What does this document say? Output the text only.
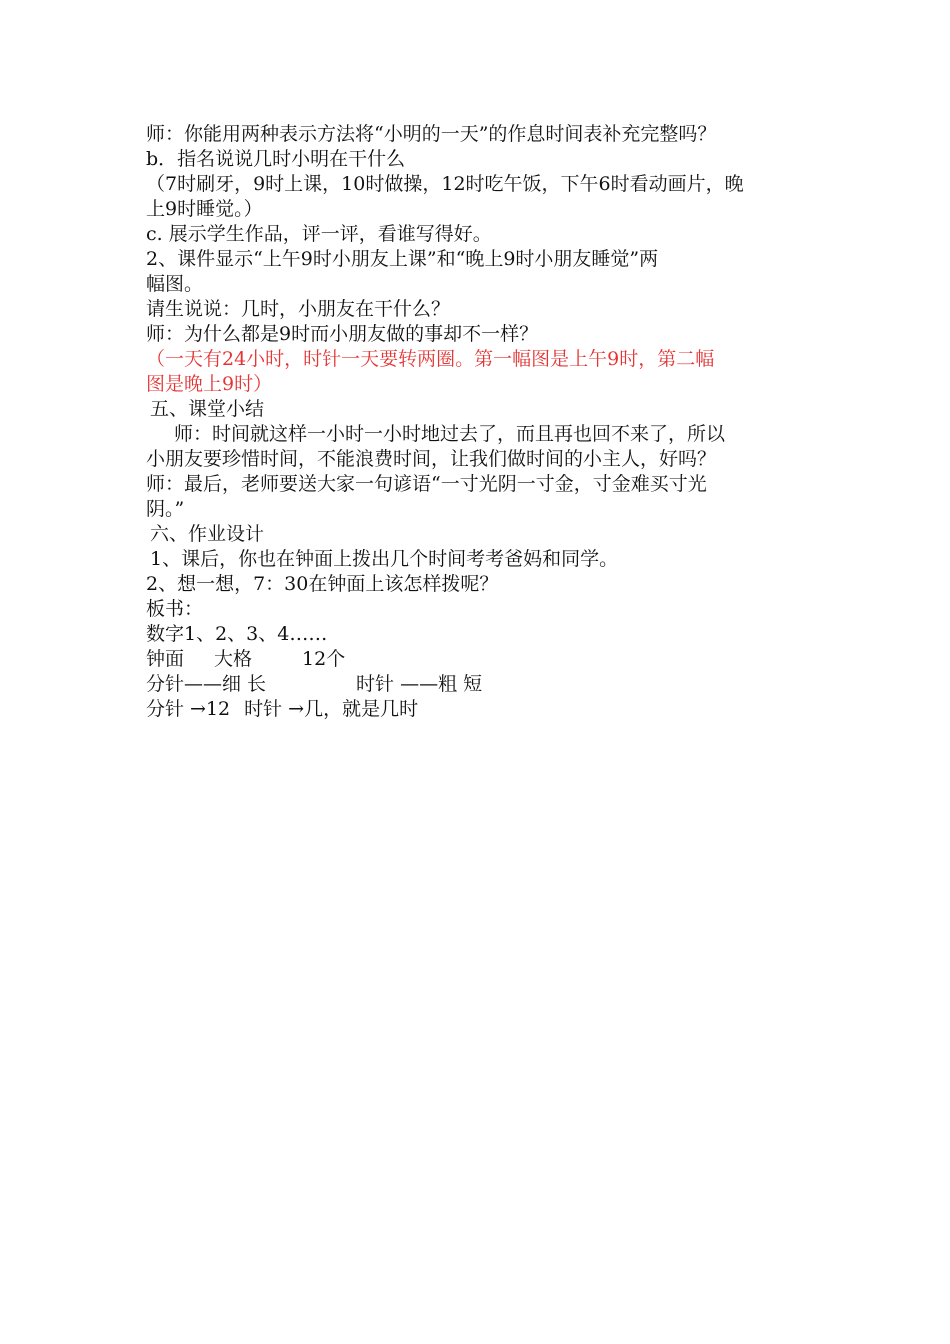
师：你能用两种表示方法将“小明的一天”的作息时间表补充完整吗？
b．指名说说几时小明在干什么
（7时刷牙，9时上课，10时做操，12时吃午饭，下午6时看动画片，晚
上9时睡觉。）
c. 展示学生作品，评一评，看谁写得好。
2、课件显示“上午9时小朋友上课”和“晚上9时小朋友睡觉”两
幅图。
请生说说：几时，小朋友在干什么？
师：为什么都是9时而小朋友做的事却不一样？
（一天有24小时，时针一天要转两圈。第一幅图是上午9时，第二幅
图是晚上9时）
五、课堂小结
师：时间就这样一小时一小时地过去了，而且再也回不来了，所以
小朋友要珍惜时间，不能浪费时间，让我们做时间的小主人，好吗？
师：最后，老师要送大家一句谚语“一寸光阴一寸金，寸金难买寸光
阴。”
六、作业设计
1、课后，你也在钟面上拨出几个时间考考爸妈和同学。
2、想一想，7：30在钟面上该怎样拨呢？
板书：
数字1、2、3、4……
钟面 大格	12个
分针——细 长	时针 ——粗 短
分针 →12 时针 →几，就是几时
